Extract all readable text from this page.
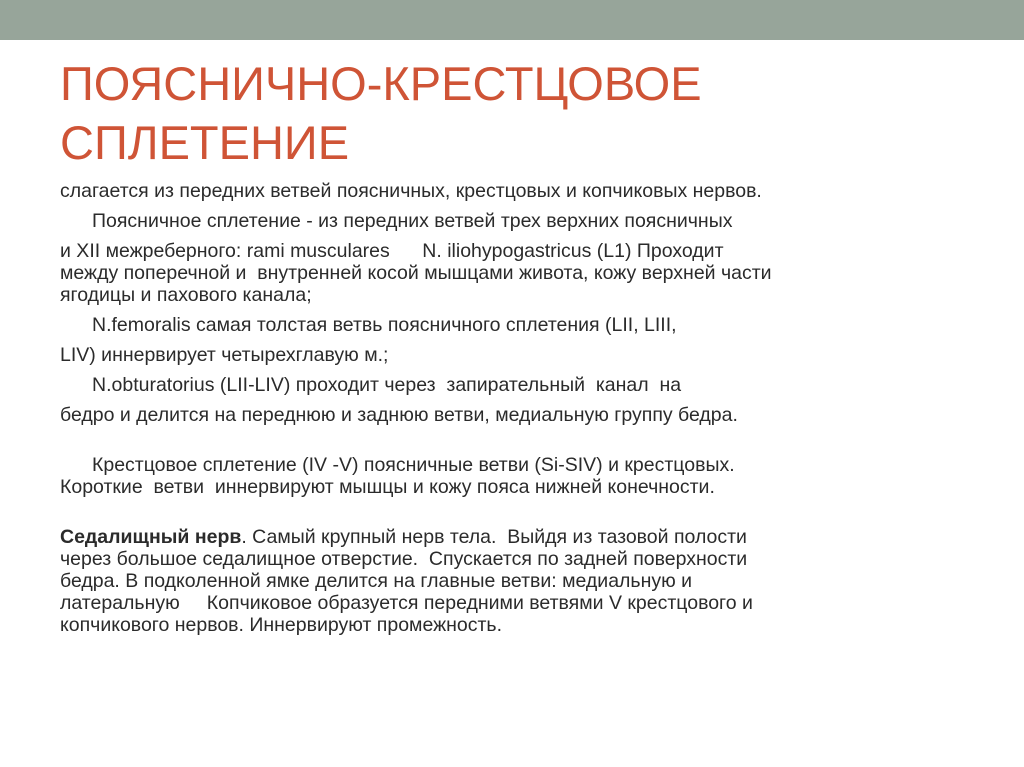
ПОЯСНИЧНО-КРЕСТЦОВОЕ
СПЛЕТЕНИЕ
слагается из передних ветвей поясничных, крестцовых и копчиковых нервов.
Поясничное сплетение - из передних ветвей трех верхних поясничных
и XII межреберного: rami musculares      N. iliohypogastricus (L1) Проходит
между поперечной и  внутренней косой мышцами живота, кожу верхней части
ягодицы и пахового канала;
N.femoralis самая толстая ветвь поясничного сплетения (LII, LIII,
LIV) иннервирует четырехглавую м.;
N.obturatorius (LII-LIV) проходит через  запирательный  канал  на
бедро и делится на переднюю и заднюю ветви, медиальную группу бедра.
Крестцовое сплетение (IV -V) поясничные ветви (Si-SIV) и крестцовых.
Короткие  ветви  иннервируют мышцы и кожу пояса нижней конечности.
Седалищный нерв. Самый крупный нерв тела.  Выйдя из тазовой полости
через большое седалищное отверстие.  Спускается по задней поверхности
бедра. В подколенной ямке делится на главные ветви: медиальную и
латеральную     Копчиковое образуется передними ветвями V крестцового и
копчикового нервов. Иннервируют промежность.
